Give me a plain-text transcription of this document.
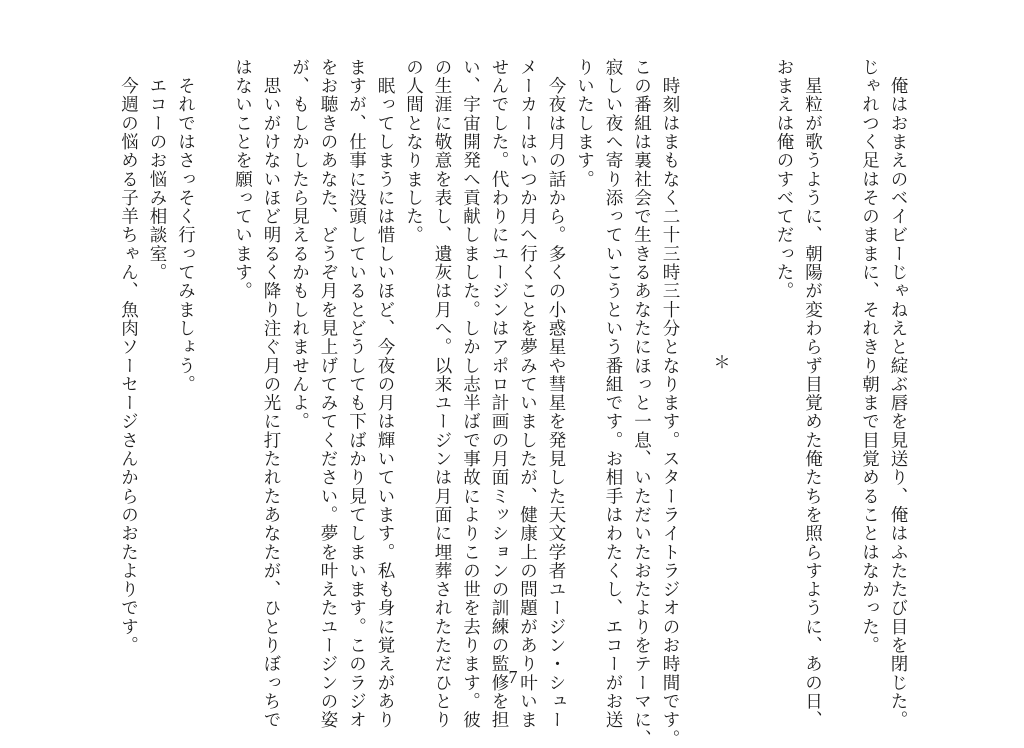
　俺はおまえのベイビーじゃねえと綻ぶ唇を見送り、俺はふたたび目を閉じた。
じゃれつく足はそのままに、それきり朝まで目覚めることはなかった。
　星粒が歌うように、朝陽が変わらず目覚めた俺たちを照らすように、あの日、
おまえは俺のすべてだった。
　時刻はまもなく二十三時三十分となります。スターライトラジオのお時間です。
この番組は裏社会で生きるあなたにほっと一息、いただいたおたよりをテーマに、
寂しい夜へ寄り添っていこうという番組です。お相手はわたくし、エコーがお送
りいたします。
　今夜は月の話から。多くの小惑星や彗星を発見した天文学者ユージン・シュー
メーカーはいつか月へ行くことを夢みていましたが、健康上の問題があり叶いま
せんでした。代わりにユージンはアポロ計画の月面ミッションの訓練の監修を担
い、宇宙開発へ貢献しました。しかし志半ばで事故によりこの世を去ります。彼
の生涯に敬意を表し、遺灰は月へ。以来ユージンは月面に埋葬されたただひとり
の人間となりました。
　眠ってしまうには惜しいほど、今夜の月は輝いています。私も身に覚えがあり
ますが、仕事に没頭しているとどうしても下ばかり見てしまいます。このラジオ
をお聴きのあなた、どうぞ月を見上げてみてください。夢を叶えたユージンの姿
が、もしかしたら見えるかもしれませんよ。
　思いがけないほど明るく降り注ぐ月の光に打たれたあなたが、ひとりぼっちで
はないことを願っています。
　それではさっそく行ってみましょう。
　エコーのお悩み相談室。
　今週の悩める子羊ちゃん、魚肉ソーセージさんからのおたよりです。	＊
7
